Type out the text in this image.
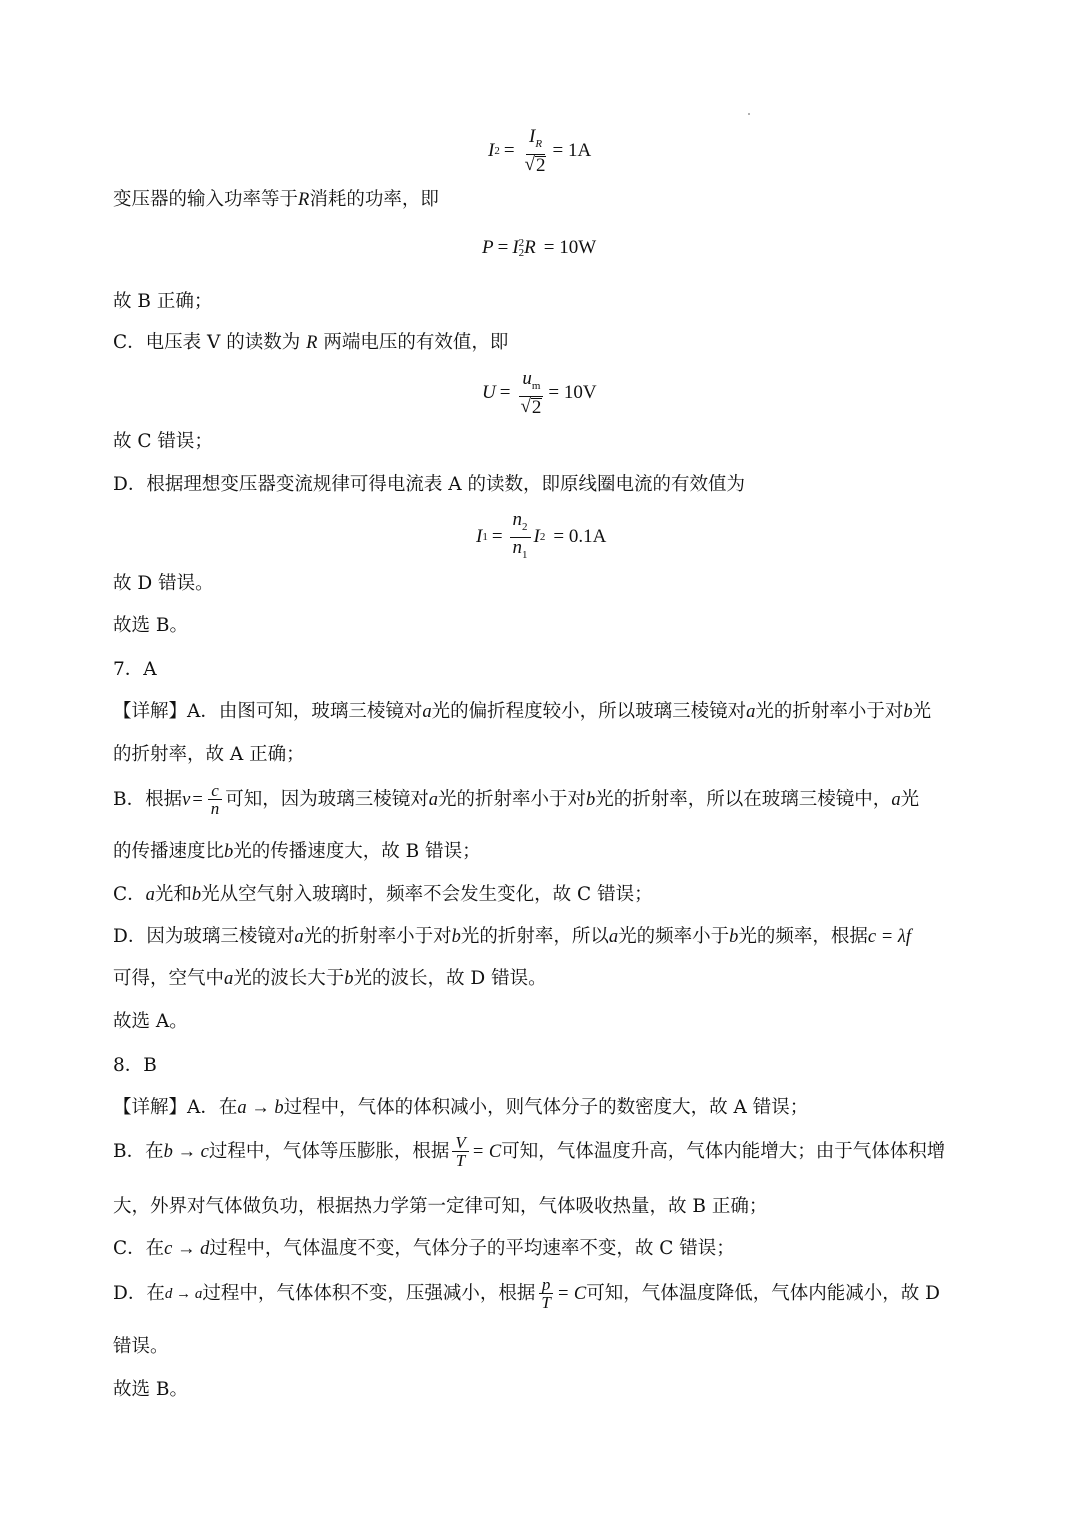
I $2 = \frac{I_R}{√ 2} = 1A$
变压器的输入功率等于R消耗的功率，即
P = I 2
2 R = 10W
故 B 正确；
C．电压表 V 的读数为 R 两端电压的有效值，即
$U = \frac{u_m}{√ 2} = 10V$
故 C 错误；
D．根据理想变压器变流规律可得电流表 A 的读数，即原线圈电流的有效值为
I $1 = \frac{n_2}{n_1}$ I 2 = 0.1A
故 D 错误。
故选 B。
7．A
【详解】A．由图可知，玻璃三棱镜对a光的偏折程度较小，所以玻璃三棱镜对a光的折射率小于对b光
的折射率，故 A 正确；
B．根据 $v = \frac{c}{n}$ 可知，因为玻璃三棱镜对 a 光的折射率小于对 b 光的折射率，所以在玻璃三棱镜中， a 光
的传播速度比b光的传播速度大，故 B 错误；
C．a光和b光从空气射入玻璃时，频率不会发生变化，故 C 错误；
D．因为玻璃三棱镜对a光的折射率小于对b光的折射率，所以a光的频率小于b光的频率，根据c = λf
可得，空气中a光的波长大于b光的波长，故 D 错误。
故选 A。
8．B
【详解】A．在a → b过程中，气体的体积减小，则气体分子的数密度大，故 A 错误；
B．在 b → c 过程中，气体等压膨胀，根据 $\frac{V}{T} = C$ 可知，气体温度升高，气体内能增大；由于气体体积增
大，外界对气体做负功，根据热力学第一定律可知，气体吸收热量，故 B 正确；
C．在c → d过程中，气体温度不变，气体分子的平均速率不变，故 C 错误；
D．在 d → a 过程中，气体体积不变，压强减小，根据 $\frac{p}{T} = C$ 可知，气体温度降低，气体内能减小，故 D
错误。
故选 B。
